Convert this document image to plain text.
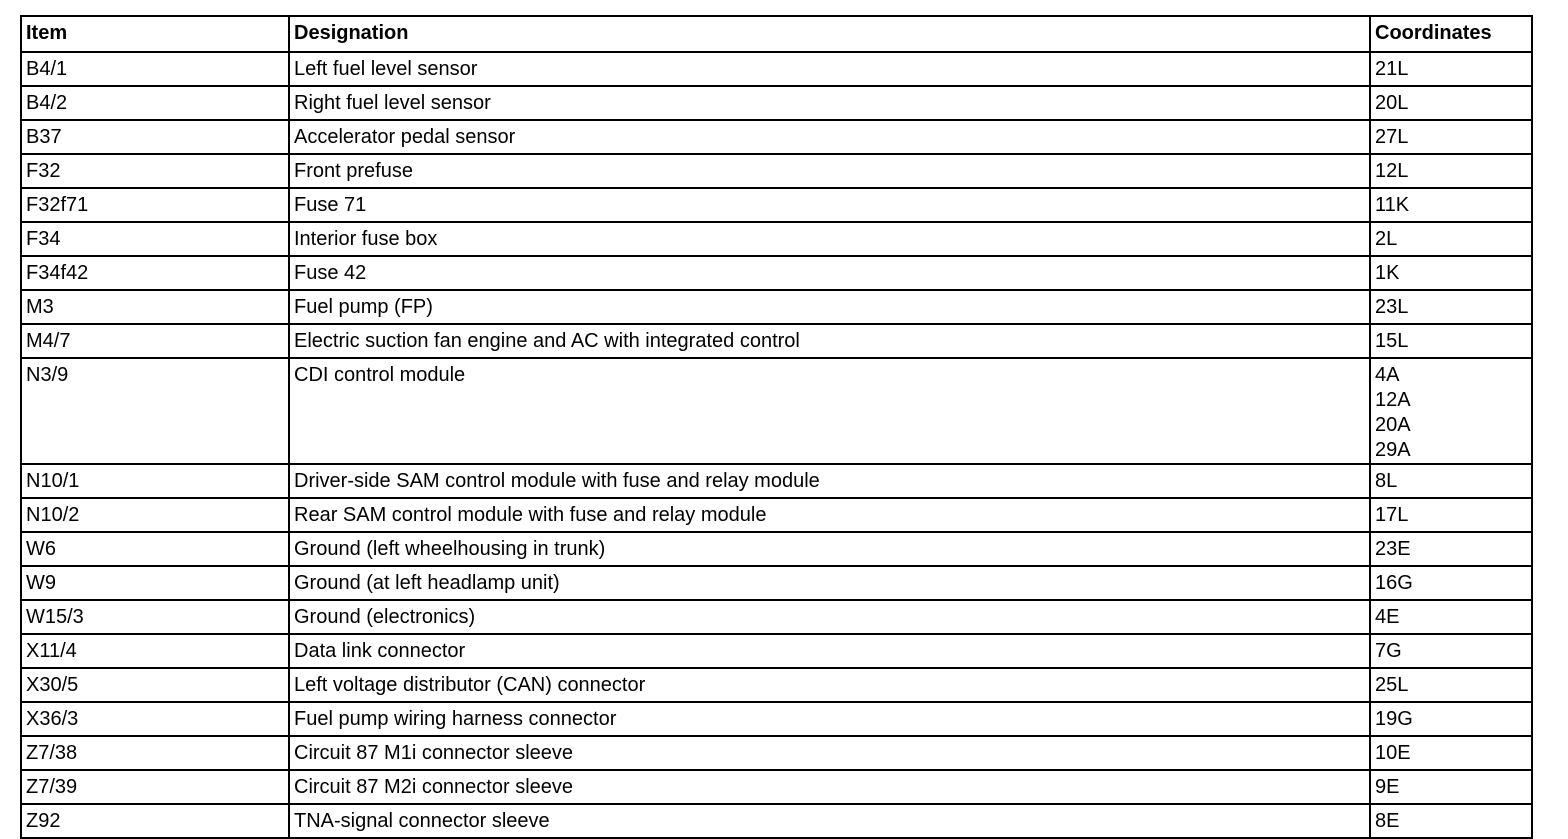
Item	Designation	Coordinates
B4/1	Left fuel level sensor	21L

B4/2	Right fuel level sensor	20L

B37	Accelerator pedal sensor	27L

F32	Front prefuse	12L

F32f71	Fuse 71	11K

F34	Interior fuse box	2L

F34f42	Fuse 42	1K

M3	Fuel pump (FP)	23L

M4/7	Electric suction fan engine and AC with integrated control	15L

N3/9	CDI control module	4A
12A
20A
29A

N10/1	Driver-side SAM control module with fuse and relay module	8L

N10/2	Rear SAM control module with fuse and relay module	17L

W6	Ground (left wheelhousing in trunk)	23E

W9	Ground (at left headlamp unit)	16G

W15/3	Ground (electronics)	4E

X11/4	Data link connector	7G

X30/5	Left voltage distributor (CAN) connector	25L

X36/3	Fuel pump wiring harness connector	19G

Z7/38	Circuit 87 M1i connector sleeve	10E

Z7/39	Circuit 87 M2i connector sleeve	9E

Z92	TNA-signal connector sleeve	8E
